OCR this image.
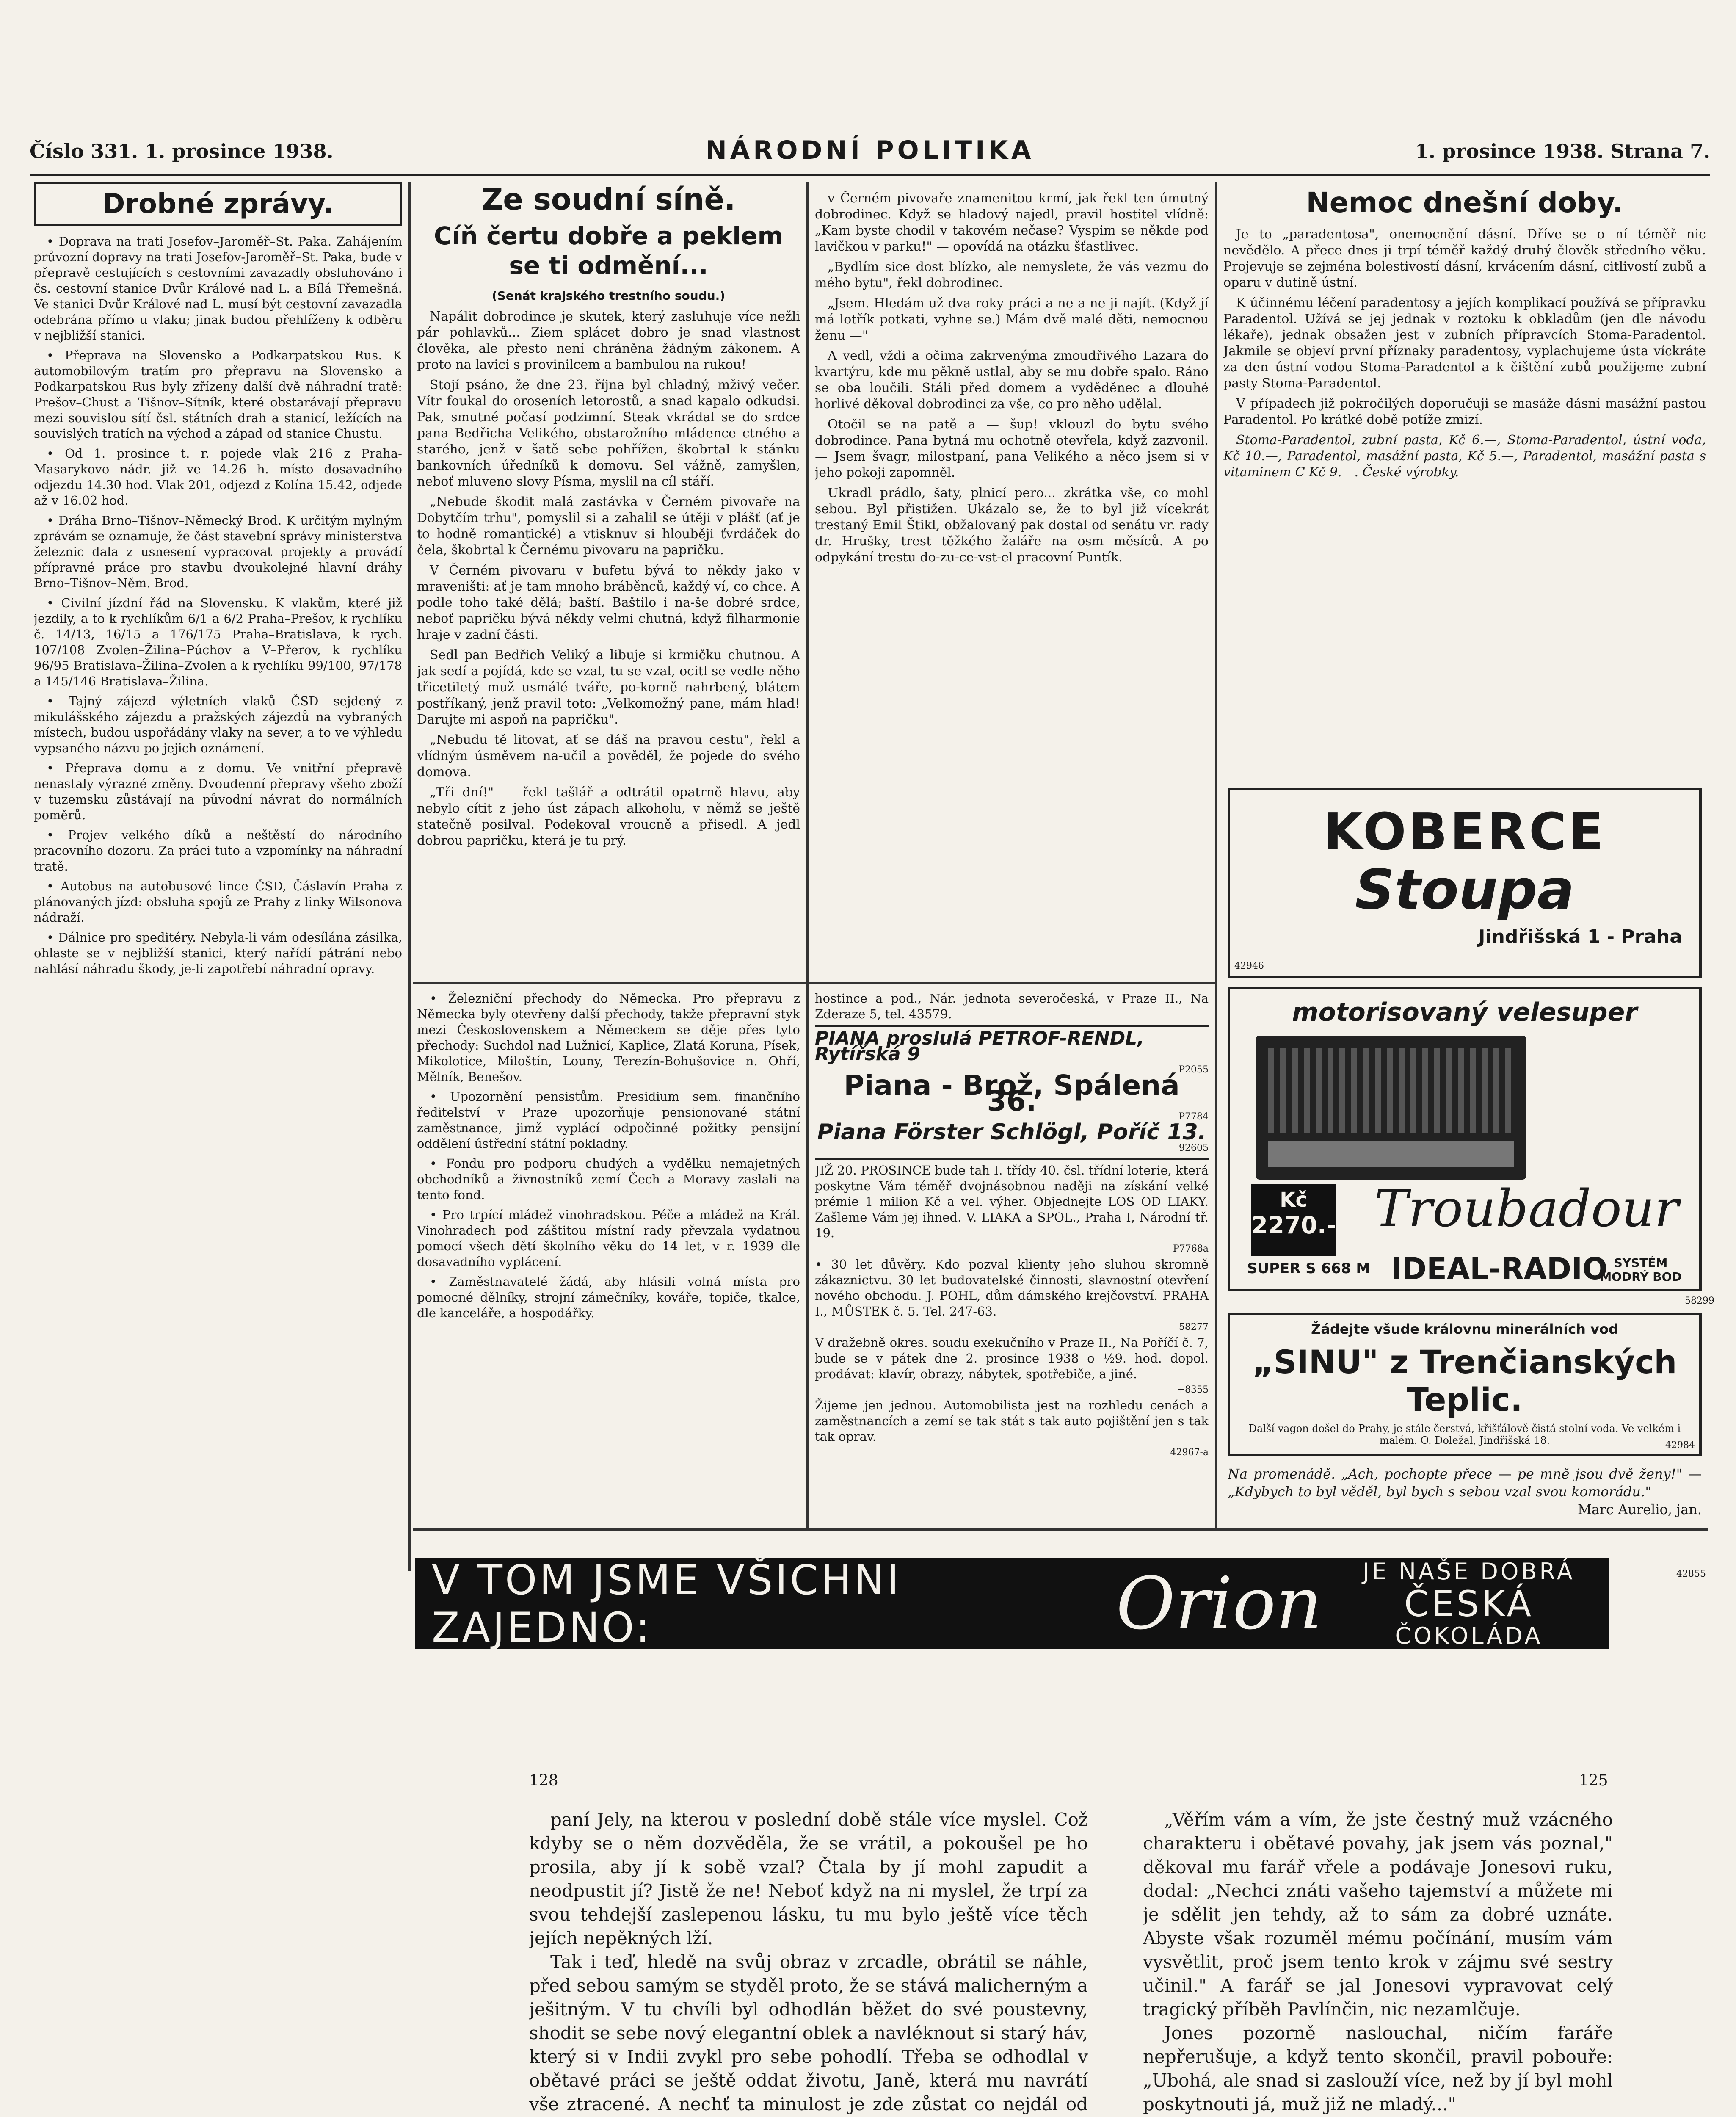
Číslo 331. 1. prosince 1938.	NÁRODNÍ POLITIKA	1. prosince 1938. Strana 7.
Drobné zprávy.

• Doprava na trati Josefov–Jaroměř–St. Paka. Zahájením průvozní dopravy na trati Josefov-Jaroměř–St. Paka, bude v přepravě cestujících s cestovními zavazadly obsluhováno i čs. cestovní stanice Dvůr Králové nad L. a Bílá Třemešná. Ve stanici Dvůr Králové nad L. musí být cestovní zavazadla odebrána přímo u vlaku; jinak budou přehlíženy k odběru v nejbližší stanici.

• Přeprava na Slovensko a Podkarpatskou Rus. K automobilovým tratím pro přepravu na Slovensko a Podkarpatskou Rus byly zřízeny další dvě náhradní tratě: Prešov–Chust a Tišnov–Sítník, které obstarávají přepravu mezi souvislou sítí čsl. státních drah a stanicí, ležících na souvislých tratích na východ a západ od stanice Chustu.

• Od 1. prosince t. r. pojede vlak 216 z Praha-Masarykovo nádr. již ve 14.26 h. místo dosavadního odjezdu 14.30 hod. Vlak 201, odjezd z Kolína 15.42, odjede až v 16.02 hod.

• Dráha Brno–Tišnov–Německý Brod. K určitým mylným zprávám se oznamuje, že část stavební správy ministerstva železnic dala z usnesení vypracovat projekty a provádí přípravné práce pro stavbu dvoukolejné hlavní dráhy Brno–Tišnov–Něm. Brod.

• Civilní jízdní řád na Slovensku. K vlakům, které již jezdily, a to k rychlíkům 6/1 a 6/2 Praha–Prešov, k rychlíku č. 14/13, 16/15 a 176/175 Praha–Bratislava, k rych. 107/108 Zvolen–Žilina–Púchov a V–Přerov, k rychlíku 96/95 Bratislava–Žilina–Zvolen a k rychlíku 99/100, 97/178 a 145/146 Bratislava–Žilina.

• Tajný zájezd výletních vlaků ČSD sejdený z mikulášského zájezdu a pražských zájezdů na vybraných místech, budou uspořádány vlaky na sever, a to ve výhledu vypsaného názvu po jejich oznámení.

• Přeprava domu a z domu. Ve vnitřní přepravě nenastaly výrazné změny. Dvoudenní přepravy všeho zboží v tuzemsku zůstávají na původní návrat do normálních poměrů.

• Projev velkého díků a neštěstí do národního pracovního dozoru. Za práci tuto a vzpomínky na náhradní tratě.

• Autobus na autobusové lince ČSD, Čáslavín–Praha z plánovaných jízd: obsluha spojů ze Prahy z linky Wilsonova nádraží.

• Dálnice pro speditéry. Nebyla-li vám odesílána zásilka, ohlaste se v nejbližší stanici, který nařídí pátrání nebo nahlásí náhradu škody, je-li zapotřebí náhradní opravy.

Ze soudní síně.
Cíň čertu dobře a peklem se ti odmění...
(Senát krajského trestního soudu.)

Napálit dobrodince je skutek, který zasluhuje více nežli pár pohlavků... Ziem splácet dobro je snad vlastnost člověka, ale přesto není chráněna žádným zákonem. A proto na lavici s provinilcem a bambulou na rukou!

Stojí psáno, že dne 23. října byl chladný, mživý večer. Vítr foukal do oroseních letorostů, a snad kapalo odkudsi. Pak, smutné počasí podzimní. Steak vkrádal se do srdce pana Bedřicha Velikého, obstarožního mládence ctného a starého, jenž v šatě sebe pohřížen, škobrtal k stánku bankovních úředníků k domovu. Sel vážně, zamyšlen, neboť mluveno slovy Písma, myslil na cíl stáří.

„Nebude škodit malá zastávka v Černém pivovaře na Dobytčím trhu", pomyslil si a zahalil se útěji v plášť (ať je to hodně romantické) a vtisknuv si hlouběji ťvrdáček do čela, škobrtal k Černému pivovaru na papričku.

V Černém pivovaru v bufetu bývá to někdy jako v mraveništi: ať je tam mnoho bráběnců, každý ví, co chce. A podle toho také dělá; baští. Baštilo i na-še dobré srdce, neboť papričku bývá někdy velmi chutná, když filharmonie hraje v zadní části.

Sedl pan Bedřich Veliký a libuje si krmičku chutnou. A jak sedí a pojídá, kde se vzal, tu se vzal, ocitl se vedle něho třicetiletý muž usmálé tváře, po-korně nahrbený, blátem postříkaný, jenž pravil toto: „Velkomožný pane, mám hlad! Darujte mi aspoň na papričku".

„Nebudu tě litovat, ať se dáš na pravou cestu", řekl a vlídným úsměvem na-učil a pověděl, že pojede do svého domova.

„Tři dní!" — řekl tašlář a odtrátil opatrně hlavu, aby nebylo cítit z jeho úst zápach alkoholu, v němž se ještě statečně posilval. Podekoval vroucně a přisedl. A jedl dobrou papričku, která je tu prý.

v Černém pivovaře znamenitou krmí, jak řekl ten úmutný dobrodinec. Když se hladový najedl, pravil hostitel vlídně: „Kam byste chodil v takovém nečase? Vyspim se někde pod lavičkou v parku!" — opovídá na otázku šťastlivec.

„Bydlím sice dost blízko, ale nemyslete, že vás vezmu do mého bytu", řekl dobrodinec.

„Jsem. Hledám už dva roky práci a ne a ne ji najít. (Když jí má lotřík potkati, vyhne se.) Mám dvě malé děti, nemocnou ženu —"

A vedl, vždi a očima zakrvenýma zmoudřivého Lazara do kvartýru, kde mu pěkně ustlal, aby se mu dobře spalo. Ráno se oba loučili. Stáli před domem a vyděděnec a dlouhé horlivé děkoval dobrodinci za vše, co pro něho udělal.

Otočil se na patě a — šup! vklouzl do bytu svého dobrodince. Pana bytná mu ochotně otevřela, když zazvonil. — Jsem švagr, milostpaní, pana Velikého a něco jsem si v jeho pokoji zapomněl.

Ukradl prádlo, šaty, plnicí pero... zkrátka vše, co mohl sebou. Byl přistižen. Ukázalo se, že to byl již vícekrát trestaný Emil Štikl, obžalovaný pak dostal od senátu vr. rady dr. Hrušky, trest těžkého žaláře na osm měsíců. A po odpykání trestu do-zu-ce-vst-el pracovní Puntík.

Nemoc dnešní doby.

Je to „paradentosa", onemocnění dásní. Dříve se o ní téměř nic nevědělo. A přece dnes ji trpí téměř každý druhý člověk středního věku. Projevuje se zejména bolestivostí dásní, krvácením dásní, citlivostí zubů a oparu v dutině ústní.

K účinnému léčení paradentosy a jejích komplikací používá se přípravku Paradentol. Užívá se jej jednak v roztoku k obkladům (jen dle návodu lékaře), jednak obsažen jest v zubních přípravcích Stoma-Paradentol. Jakmile se objeví první příznaky paradentosy, vyplachujeme ústa víckráte za den ústní vodou Stoma-Paradentol a k čištění zubů použijeme zubní pasty Stoma-Paradentol.

V případech již pokročilých doporučuji se masáže dásní masážní pastou Paradentol. Po krátké době potíže zmizí.

Stoma-Paradentol, zubní pasta, Kč 6.—, Stoma-Paradentol, ústní voda, Kč 10.—, Paradentol, masážní pasta, Kč 5.—, Paradentol, masážní pasta s vitaminem C Kč 9.—. České výrobky.

KOBERCE
Stoupa
Jindřišská 1 - Praha
42946
motorisovaný velesuper
Kč
2270.- Troubadour
SUPER S 668 M IDEAL-RADIO SYSTÉM MODRÝ BOD
58299
Žádejte všude královnu minerálních vod
„SINU" z Trenčianských Teplic.
Další vagon došel do Prahy, je stále čerstvá, křišťálově čistá stolní voda. Ve velkém i malém. O. Doležal, Jindřišská 18.	42984
Na promenádě. „Ach, pochopte přece — pe mně jsou dvě ženy!" — „Kdybych to byl věděl, byl bych s sebou vzal svou komorádu."
Marc Aurelio, jan.

• Železniční přechody do Německa. Pro přepravu z Německa byly otevřeny další přechody, takže přepravní styk mezi Československem a Německem se děje přes tyto přechody: Suchdol nad Lužnicí, Kaplice, Zlatá Koruna, Písek, Mikolotice, Miloštín, Louny, Terezín-Bohušovice n. Ohří, Mělník, Benešov.

• Upozornění pensistům. Presidium sem. finančního ředitelství v Praze upozorňuje pensionované státní zaměstnance, jimž vyplácí odpočinné požitky pensijní oddělení ústřední státní pokladny.

• Fondu pro podporu chudých a vydělku nemajetných obchodníků a živnostníků zemí Čech a Moravy zaslali na tento fond.

• Pro trpící mládež vinohradskou. Péče a mládež na Král. Vinohradech pod záštitou místní rady převzala vydatnou pomocí všech dětí školního věku do 14 let, v r. 1939 dle dosavadního vyplácení.

• Zaměstnavatelé žádá, aby hlásili volná místa pro pomocné dělníky, strojní zámečníky, kováře, topiče, tkalce, dle kanceláře, a hospodářky.

hostince a pod., Nár. jednota severočeská, v Praze II., Na Zderaze 5, tel. 43579.
PIANA prosluIá PETROF-RENDL, Rytířská 9
P2055
Piana - Brož, Spálená 36.	P7784
Piana Förster Schlögl, Poříč 13.
92605
JIŽ 20. PROSINCE bude tah I. třídy 40. čsl. třídní loterie, která poskytne Vám téměř dvojnásobnou naději na získání velké prémie 1 milion Kč a vel. výher. Objednejte LOS OD LIAKY. Zašleme Vám jej ihned. V. LIAKA a SPOL., Praha I, Národní tř. 19.
P7768a
• 30 let důvěry. Kdo pozval klienty jeho sluhou skromně zákaznictvu. 30 let budovatelské činnosti, slavnostní otevření nového obchodu. J. POHL, dům dámského krejčovství. PRAHA I., MŮSTEK č. 5. Tel. 247-63.
58277
V dražebně okres. soudu exekučního v Praze II., Na Poříčí č. 7, bude se v pátek dne 2. prosince 1938 o ½9. hod. dopol. prodávat: klavír, obrazy, nábytek, spotřebiče, a jiné.
+8355
Žijeme jen jednou. Automobilista jest na rozhledu cenách a zaměstnancích a zemí se tak stát s tak auto pojištění jen s tak tak oprav.
42967-a
V TOM JSME VŠICHNI ZAJEDNO:	Orion	JE NAŠE DOBRÁ
ČESKÁ
ČOKOLÁDA
42855
128	125

paní Jely, na kterou v poslední době stále více myslel. Což kdyby se o něm dozvěděla, že se vrátil, a pokoušel pe ho prosila, aby jí k sobě vzal? Čtala by jí mohl zapudit a neodpustit jí? Jistě že ne! Neboť když na ni myslel, že trpí za svou tehdejší zaslepenou lásku, tu mu bylo ještě více těch jejích nepěkných lží.

Tak i teď, hledě na svůj obraz v zrcadle, obrátil se náhle, před sebou samým se styděl proto, že se stává malicherným a ješitným. V tu chvíli byl odhodlán běžet do své poustevny, shodit se sebe nový elegantní oblek a navléknout si starý háv, který si v Indii zvykl pro sebe pohodlí. Třeba se odhodlal v obětavé práci se ještě oddat životu, Janě, která mu navrátí vše ztracené. A nechť ta minulost je zde zůstat co nejdál od

„Věřím vám a vím, že jste čestný muž vzácného charakteru i obětavé povahy, jak jsem vás poznal," děkoval mu farář vřele a podávaje Jonesovi ruku, dodal: „Nechci znáti vašeho tajemství a můžete mi je sdělit jen tehdy, až to sám za dobré uznáte. Abyste však rozuměl mému počínání, musím vám vysvětlit, proč jsem tento krok v zájmu své sestry učinil." A farář se jal Jonesovi vypravovat celý tragický příběh Pavlínčin, nic nezamlčuje.

Jones pozorně naslouchal, ničím faráře nepřerušuje, a když tento skončil, pravil pobouře: „Ubohá, ale snad si zaslouží více, než by jí byl mohl poskytnouti já, muž již ne mladý..."
